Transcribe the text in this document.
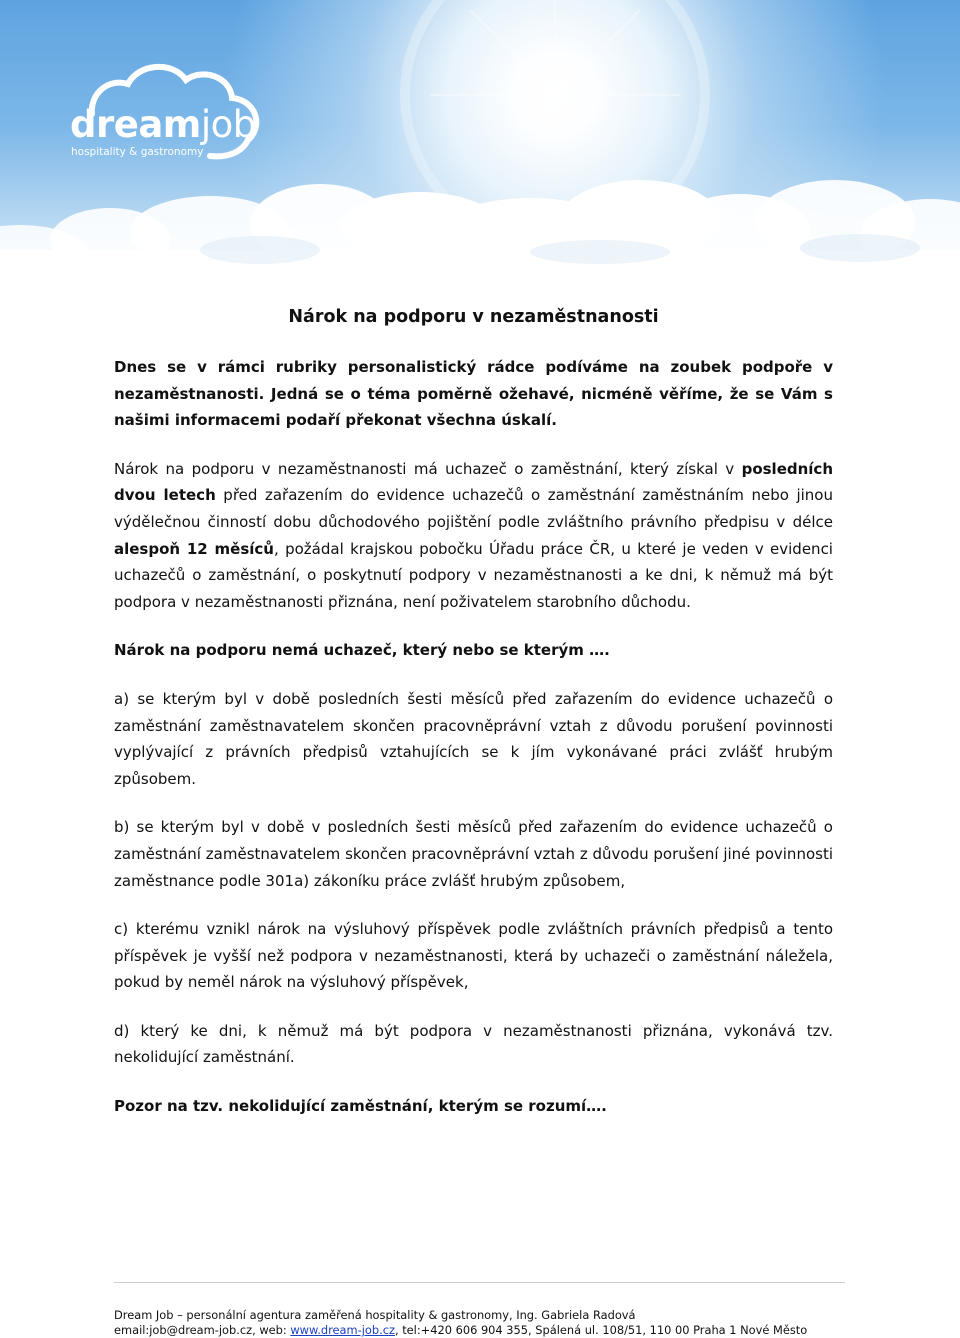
dreamjob
hospitality & gastronomy
Nárok na podporu v nezaměstnanosti

Dnes se v rámci rubriky personalistický rádce podíváme na zoubek podpoře v nezaměstnanosti. Jedná se o téma poměrně ožehavé, nicméně věříme, že se Vám s našimi informacemi podaří překonat všechna úskalí.

Nárok na podporu v nezaměstnanosti má uchazeč o zaměstnání, který získal v posledních dvou letech před zařazením do evidence uchazečů o zaměstnání zaměstnáním nebo jinou výdělečnou činností dobu důchodového pojištění podle zvláštního právního předpisu v délce alespoň 12 měsíců, požádal krajskou pobočku Úřadu práce ČR, u které je veden v evidenci uchazečů o zaměstnání, o poskytnutí podpory v nezaměstnanosti a ke dni, k němuž má být podpora v nezaměstnanosti přiznána, není poživatelem starobního důchodu.

Nárok na podporu nemá uchazeč, který nebo se kterým ….

a) se kterým byl v době posledních šesti měsíců před zařazením do evidence uchazečů o zaměstnání zaměstnavatelem skončen pracovněprávní vztah z důvodu porušení povinnosti vyplývající z právních předpisů vztahujících se k jím vykonávané práci zvlášť hrubým způsobem.

b) se kterým byl v době v posledních šesti měsíců před zařazením do evidence uchazečů o zaměstnání zaměstnavatelem skončen pracovněprávní vztah z důvodu porušení jiné povinnosti zaměstnance podle 301a) zákoníku práce zvlášť hrubým způsobem,

c) kterému vznikl nárok na výsluhový příspěvek podle zvláštních právních předpisů a tento příspěvek je vyšší než podpora v nezaměstnanosti, která by uchazeči o zaměstnání náležela, pokud by neměl nárok na výsluhový příspěvek,

d) který ke dni, k němuž má být podpora v nezaměstnanosti přiznána, vykonává tzv. nekolidující zaměstnání.

Pozor na tzv. nekolidující zaměstnání, kterým se rozumí….

Dream Job – personální agentura zaměřená hospitality & gastronomy, Ing. Gabriela Radová
email:job@dream-job.cz, web: www.dream-job.cz, tel:+420 606 904 355, Spálená ul. 108/51, 110 00 Praha 1 Nové Město
